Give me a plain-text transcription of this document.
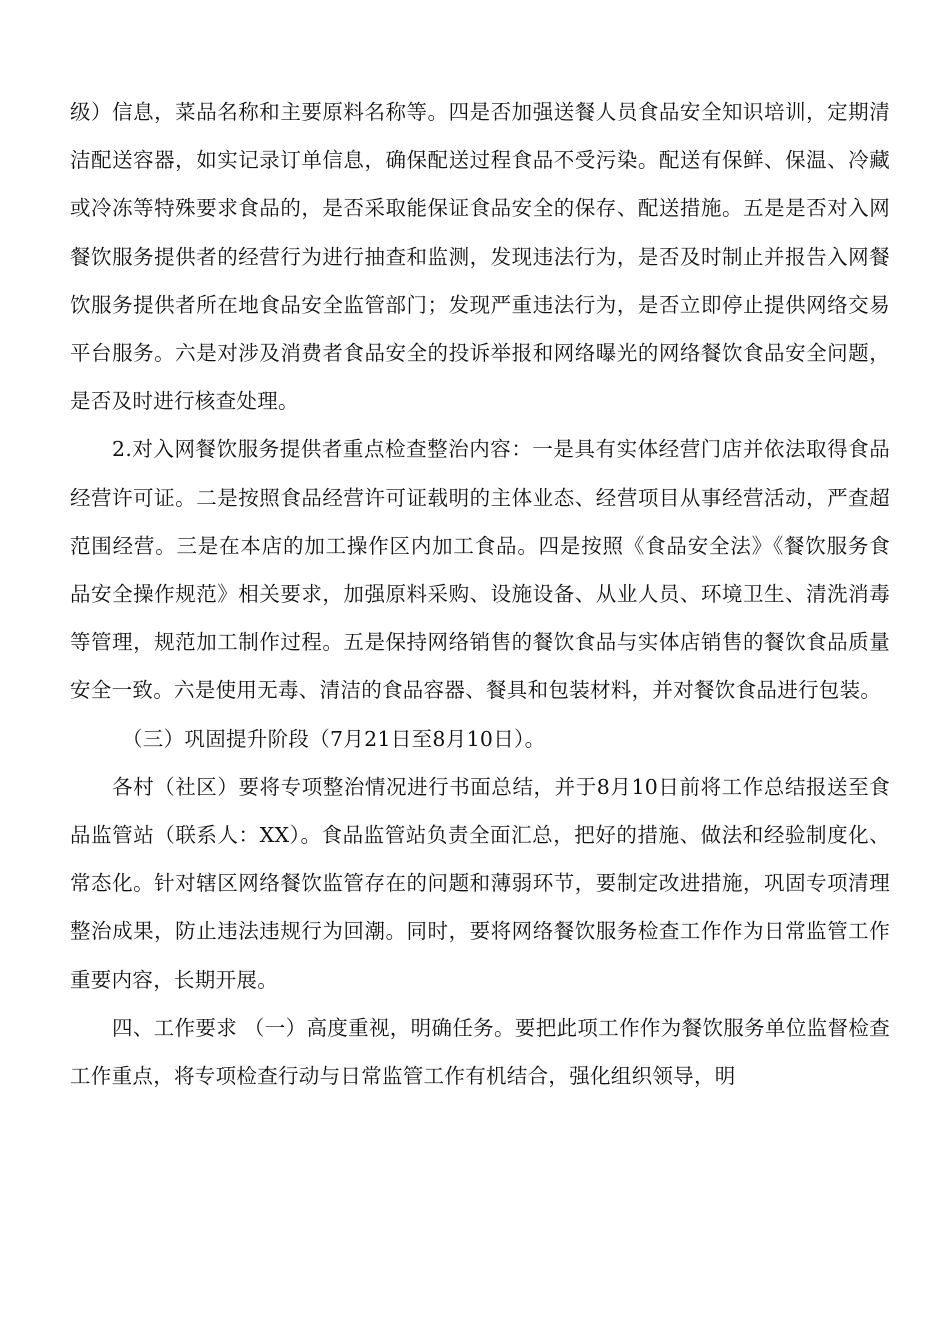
级）信息，菜品名称和主要原料名称等。四是否加强送餐人员食品安全知识培训，定期清洁配送容器，如实记录订单信息，确保配送过程食品不受污染。配送有保鲜、保温、冷藏或冷冻等特殊要求食品的，是否采取能保证食品安全的保存、配送措施。五是是否对入网餐饮服务提供者的经营行为进行抽查和监测，发现违法行为，是否及时制止并报告入网餐饮服务提供者所在地食品安全监管部门；发现严重违法行为，是否立即停止提供网络交易平台服务。六是对涉及消费者食品安全的投诉举报和网络曝光的网络餐饮食品安全问题，是否及时进行核查处理。

2.对入网餐饮服务提供者重点检查整治内容：一是具有实体经营门店并依法取得食品经营许可证。二是按照食品经营许可证载明的主体业态、经营项目从事经营活动，严查超范围经营。三是在本店的加工操作区内加工食品。四是按照《食品安全法》《餐饮服务食品安全操作规范》相关要求，加强原料采购、设施设备、从业人员、环境卫生、清洗消毒等管理，规范加工制作过程。五是保持网络销售的餐饮食品与实体店销售的餐饮食品质量安全一致。六是使用无毒、清洁的食品容器、餐具和包装材料，并对餐饮食品进行包装。

（三）巩固提升阶段（7月21日至8月10日）。

各村（社区）要将专项整治情况进行书面总结，并于8月10日前将工作总结报送至食品监管站（联系人：XX）。食品监管站负责全面汇总，把好的措施、做法和经验制度化、常态化。针对辖区网络餐饮监管存在的问题和薄弱环节，要制定改进措施，巩固专项清理整治成果，防止违法违规行为回潮。同时，要将网络餐饮服务检查工作作为日常监管工作重要内容，长期开展。

四、工作要求 （一）高度重视，明确任务。要把此项工作作为餐饮服务单位监督检查工作重点，将专项检查行动与日常监管工作有机结合，强化组织领导，明
